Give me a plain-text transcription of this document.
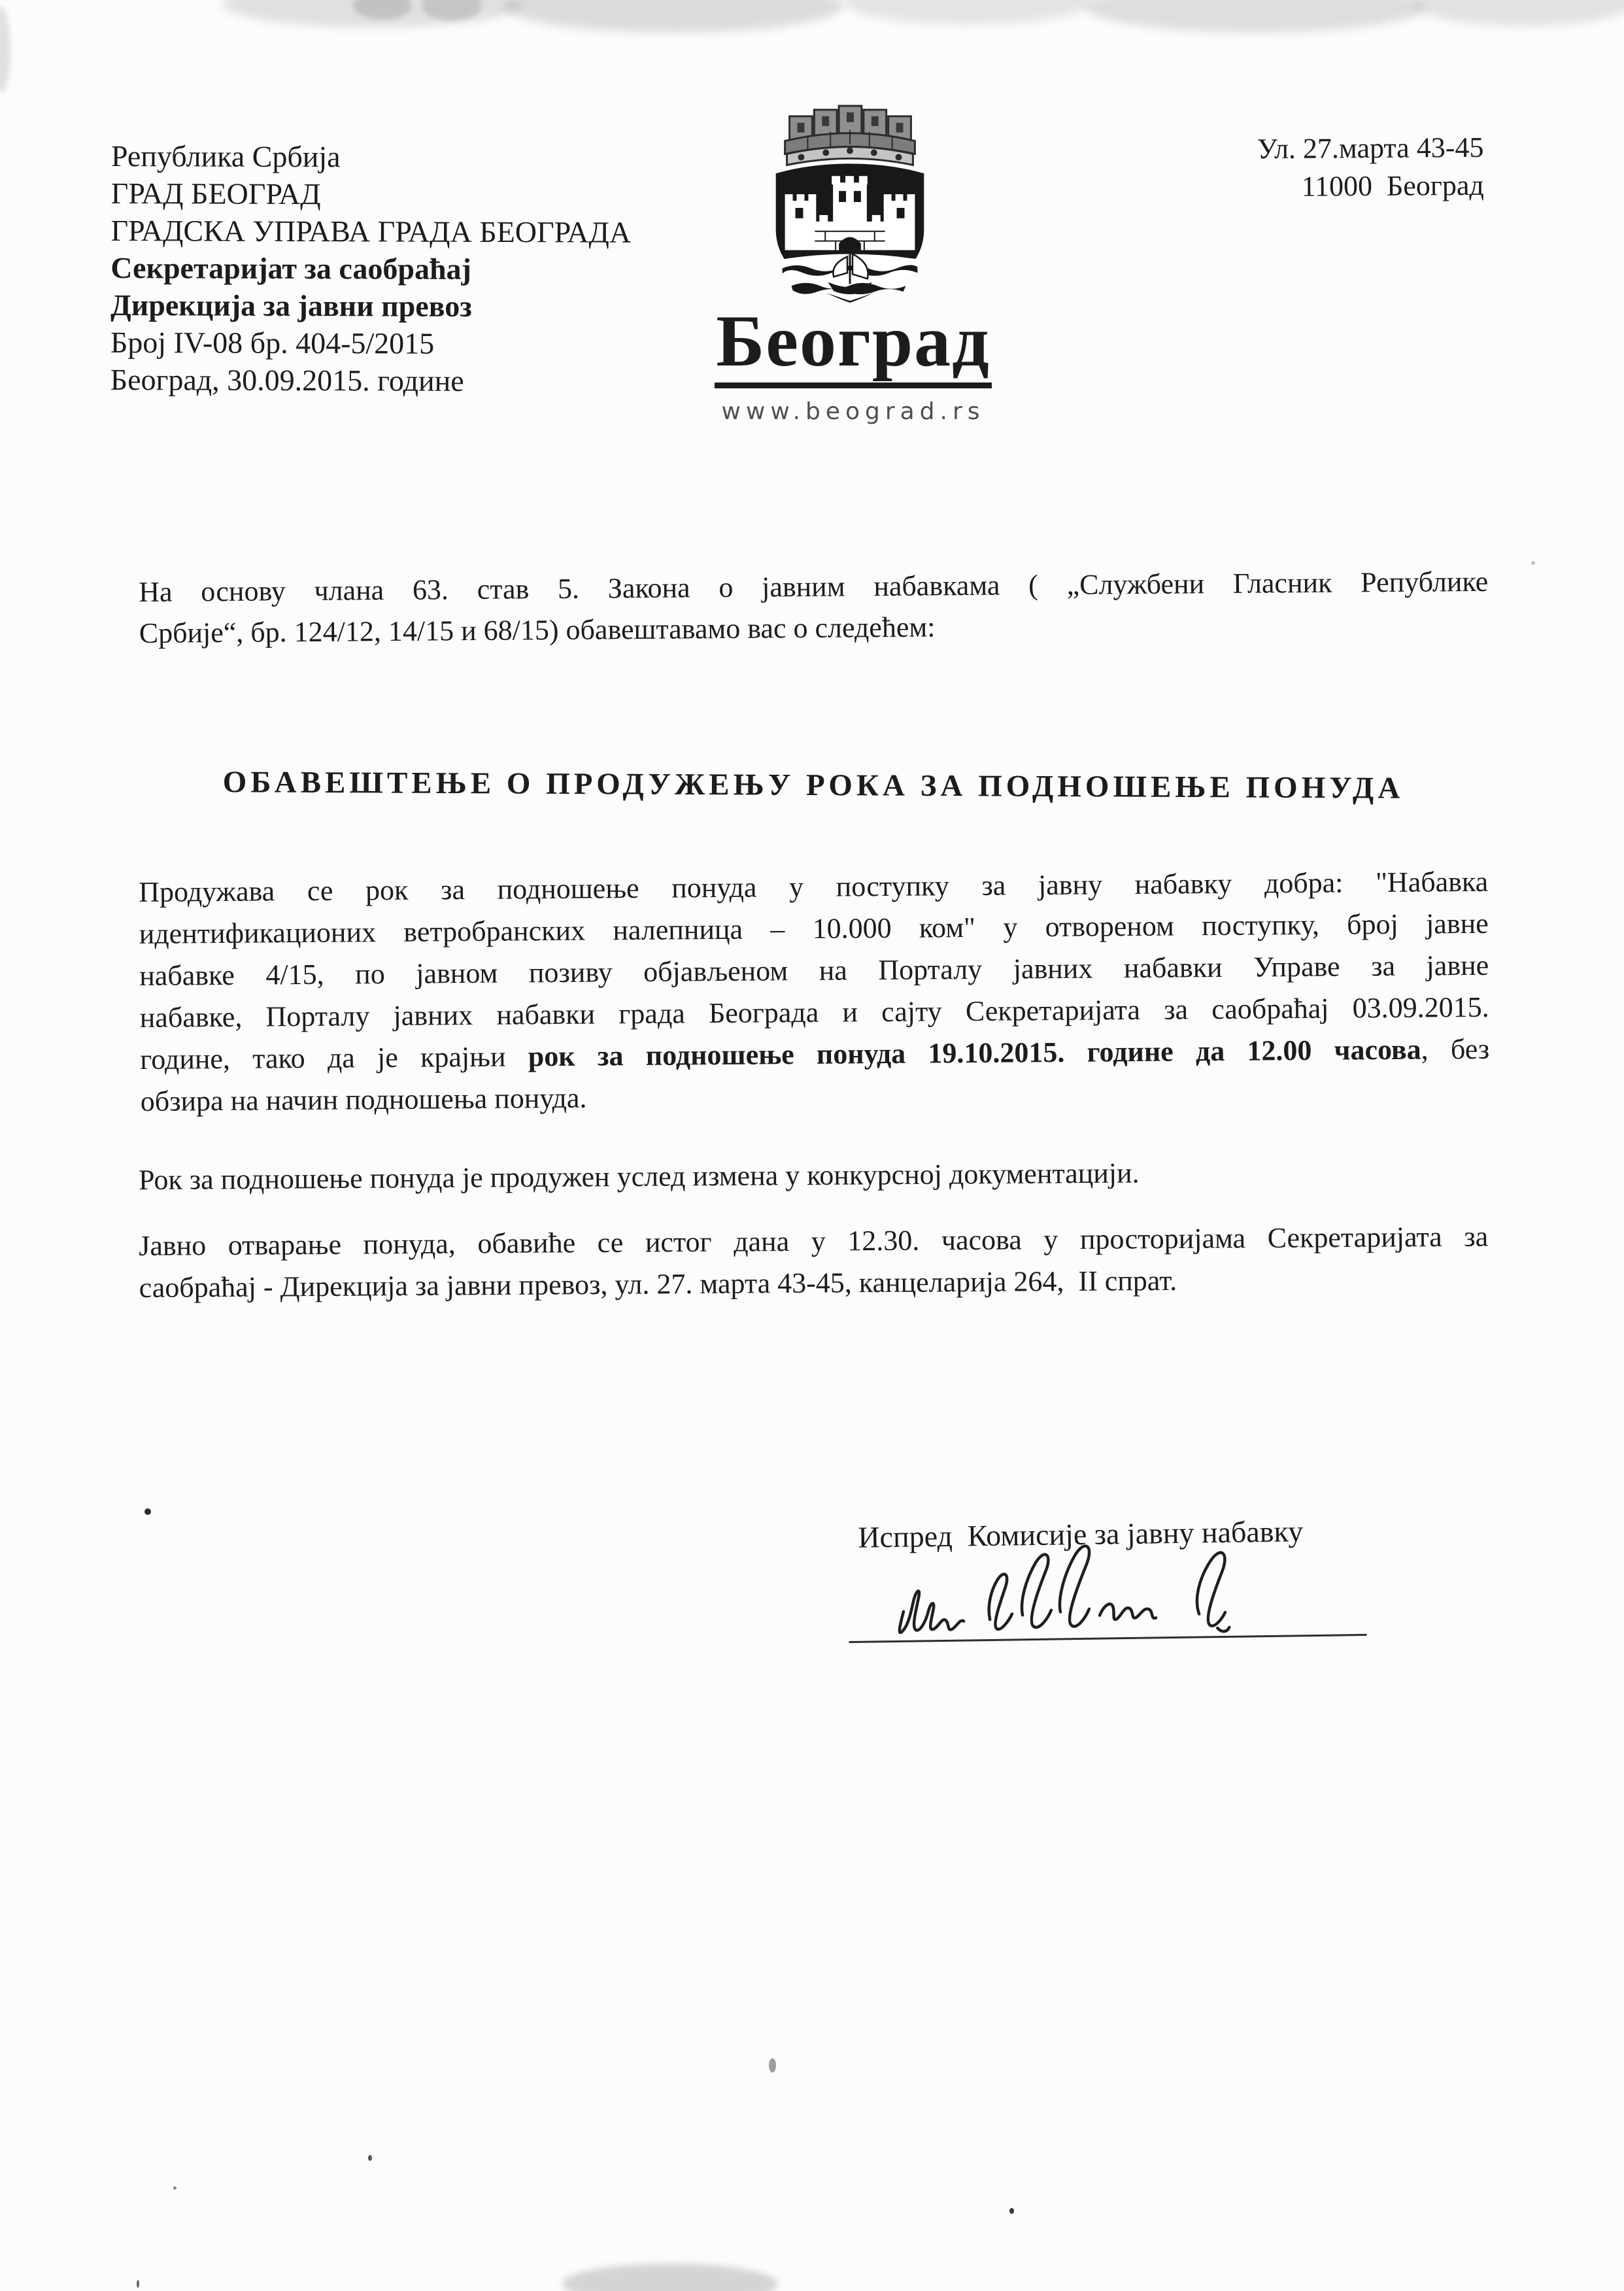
Република Србија
ГРАД БЕОГРАД
ГРАДСКА УПРАВА ГРАДА БЕОГРАДА
Секретаријат за саобраћај
Дирекција за јавни превоз
Број IV-08 бр. 404-5/2015
Београд, 30.09.2015. године
Ул. 27.марта 43-45
11000  Београд
Београд
www.beograd.rs
На основу члана 63. став 5. Закона о јавним набавкама ( „Службени Гласник Републике
Србије“, бр. 124/12, 14/15 и 68/15) обавештавамо вас о следећем:
ОБАВЕШТЕЊЕ О ПРОДУЖЕЊУ РОКА ЗА ПОДНОШЕЊЕ ПОНУДА
Продужава се рок за подношење понуда у поступку за јавну набавку добра: "Набавка
идентификационих ветробранских налепница – 10.000 ком" у отвореном поступку, број јавне
набавке 4/15, по јавном позиву објављеном на Порталу јавних набавки Управе за јавне
набавке, Порталу јавних набавки града Београда и сајту Секретаријата за саобраћај 03.09.2015.
године, тако да је крајњи рок за подношење понуда 19.10.2015. године да 12.00 часова, без
обзира на начин подношења понуда.
Рок за подношење понуда је продужен услед измена у конкурсној документацији.
Јавно отварање понуда, обавиће се истог дана у 12.30. часова у просторијама Секретаријата за
саобраћај - Дирекција за јавни превоз, ул. 27. марта 43-45, канцеларија 264,  II спрат.
Испред  Комисије за јавну набавку
